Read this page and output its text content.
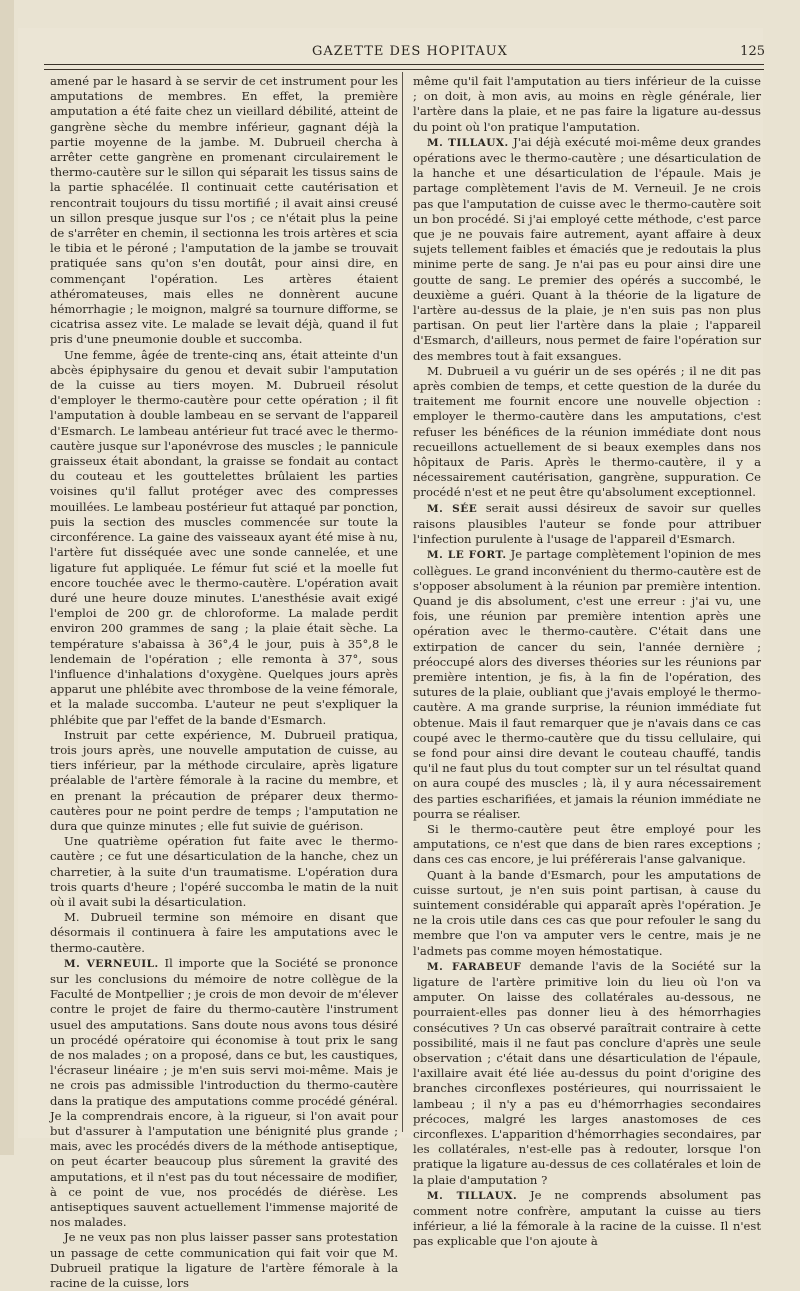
GAZETTE DES HOPITAUX	125

amené par le hasard à se servir de cet instrument pour les amputations de membres. En effet, la première amputation a été faite chez un vieillard débilité, atteint de gangrène sèche du membre inférieur, gagnant déjà la partie moyenne de la jambe. M. Dubrueil chercha à arrêter cette gangrène en promenant circulairement le thermo-cautère sur le sillon qui séparait les tissus sains de la partie sphacélée. Il continuait cette cautérisation et rencontrait toujours du tissu mortifié ; il avait ainsi creusé un sillon presque jusque sur l'os ; ce n'était plus la peine de s'arrêter en chemin, il sectionna les trois artères et scia le tibia et le péroné ; l'amputation de la jambe se trouvait pratiquée sans qu'on s'en doutât, pour ainsi dire, en commençant l'opération. Les artères étaient athéromateuses, mais elles ne donnèrent aucune hémorrhagie ; le moignon, malgré sa tournure difforme, se cicatrisa assez vite. Le malade se levait déjà, quand il fut pris d'une pneumonie double et succomba.

Une femme, âgée de trente-cinq ans, était atteinte d'un abcès épiphysaire du genou et devait subir l'amputation de la cuisse au tiers moyen. M. Dubrueil résolut d'employer le thermo-cautère pour cette opération ; il fit l'amputation à double lambeau en se servant de l'appareil d'Esmarch. Le lambeau antérieur fut tracé avec le thermo-cautère jusque sur l'aponévrose des muscles ; le pannicule graisseux était abondant, la graisse se fondait au contact du couteau et les gouttelettes brûlaient les parties voisines qu'il fallut protéger avec des compresses mouillées. Le lambeau postérieur fut attaqué par ponction, puis la section des muscles commencée sur toute la circonférence. La gaine des vaisseaux ayant été mise à nu, l'artère fut disséquée avec une sonde cannelée, et une ligature fut appliquée. Le fémur fut scié et la moelle fut encore touchée avec le thermo-cautère. L'opération avait duré une heure douze minutes. L'anesthésie avait exigé l'emploi de 200 gr. de chloroforme. La malade perdit environ 200 grammes de sang ; la plaie était sèche. La température s'abaissa à 36°,4 le jour, puis à 35°,8 le lendemain de l'opération ; elle remonta à 37°, sous l'influence d'inhalations d'oxygène. Quelques jours après apparut une phlébite avec thrombose de la veine fémorale, et la malade succomba. L'auteur ne peut s'expliquer la phlébite que par l'effet de la bande d'Esmarch.

Instruit par cette expérience, M. Dubrueil pratiqua, trois jours après, une nouvelle amputation de cuisse, au tiers inférieur, par la méthode circulaire, après ligature préalable de l'artère fémorale à la racine du membre, et en prenant la précaution de préparer deux thermo-cautères pour ne point perdre de temps ; l'amputation ne dura que quinze minutes ; elle fut suivie de guérison.

Une quatrième opération fut faite avec le thermo-cautère ; ce fut une désarticulation de la hanche, chez un charretier, à la suite d'un traumatisme. L'opération dura trois quarts d'heure ; l'opéré succomba le matin de la nuit où il avait subi la désarticulation.

M. Dubrueil termine son mémoire en disant que désormais il continuera à faire les amputations avec le thermo-cautère.

M. VERNEUIL. Il importe que la Société se prononce sur les conclusions du mémoire de notre collègue de la Faculté de Montpellier ; je crois de mon devoir de m'élever contre le projet de faire du thermo-cautère l'instrument usuel des amputations. Sans doute nous avons tous désiré un procédé opératoire qui économise à tout prix le sang de nos malades ; on a proposé, dans ce but, les caustiques, l'écraseur linéaire ; je m'en suis servi moi-même. Mais je ne crois pas admissible l'introduction du thermo-cautère dans la pratique des amputations comme procédé général. Je la comprendrais encore, à la rigueur, si l'on avait pour but d'assurer à l'amputation une bénignité plus grande ; mais, avec les procédés divers de la méthode antiseptique, on peut écarter beaucoup plus sûrement la gravité des amputations, et il n'est pas du tout nécessaire de modifier, à ce point de vue, nos procédés de diérèse. Les antiseptiques sauvent actuellement l'immense majorité de nos malades.

Je ne veux pas non plus laisser passer sans protestation un passage de cette communication qui fait voir que M. Dubrueil pratique la ligature de l'artère fémorale à la racine de la cuisse, lors

même qu'il fait l'amputation au tiers inférieur de la cuisse ; on doit, à mon avis, au moins en règle générale, lier l'artère dans la plaie, et ne pas faire la ligature au-dessus du point où l'on pratique l'amputation.

M. TILLAUX. J'ai déjà exécuté moi-même deux grandes opérations avec le thermo-cautère ; une désarticulation de la hanche et une désarticulation de l'épaule. Mais je partage complètement l'avis de M. Verneuil. Je ne crois pas que l'amputation de cuisse avec le thermo-cautère soit un bon procédé. Si j'ai employé cette méthode, c'est parce que je ne pouvais faire autrement, ayant affaire à deux sujets tellement faibles et émaciés que je redoutais la plus minime perte de sang. Je n'ai pas eu pour ainsi dire une goutte de sang. Le premier des opérés a succombé, le deuxième a guéri. Quant à la théorie de la ligature de l'artère au-dessus de la plaie, je n'en suis pas non plus partisan. On peut lier l'artère dans la plaie ; l'appareil d'Esmarch, d'ailleurs, nous permet de faire l'opération sur des membres tout à fait exsangues.

M. Dubrueil a vu guérir un de ses opérés ; il ne dit pas après combien de temps, et cette question de la durée du traitement me fournit encore une nouvelle objection : employer le thermo-cautère dans les amputations, c'est refuser les bénéfices de la réunion immédiate dont nous recueillons actuellement de si beaux exemples dans nos hôpitaux de Paris. Après le thermo-cautère, il y a nécessairement cautérisation, gangrène, suppuration. Ce procédé n'est et ne peut être qu'absolument exceptionnel.

M. SÉE serait aussi désireux de savoir sur quelles raisons plausibles l'auteur se fonde pour attribuer l'infection purulente à l'usage de l'appareil d'Esmarch.

M. LE FORT. Je partage complètement l'opinion de mes collègues. Le grand inconvénient du thermo-cautère est de s'opposer absolument à la réunion par première intention. Quand je dis absolument, c'est une erreur : j'ai vu, une fois, une réunion par première intention après une opération avec le thermo-cautère. C'était dans une extirpation de cancer du sein, l'année dernière ; préoccupé alors des diverses théories sur les réunions par première intention, je fis, à la fin de l'opération, des sutures de la plaie, oubliant que j'avais employé le thermo-cautère. A ma grande surprise, la réunion immédiate fut obtenue. Mais il faut remarquer que je n'avais dans ce cas coupé avec le thermo-cautère que du tissu cellulaire, qui se fond pour ainsi dire devant le couteau chauffé, tandis qu'il ne faut plus du tout compter sur un tel résultat quand on aura coupé des muscles ; là, il y aura nécessairement des parties escharifiées, et jamais la réunion immédiate ne pourra se réaliser.

Si le thermo-cautère peut être employé pour les amputations, ce n'est que dans de bien rares exceptions ; dans ces cas encore, je lui préférerais l'anse galvanique.

Quant à la bande d'Esmarch, pour les amputations de cuisse surtout, je n'en suis point partisan, à cause du suintement considérable qui apparaît après l'opération. Je ne la crois utile dans ces cas que pour refouler le sang du membre que l'on va amputer vers le centre, mais je ne l'admets pas comme moyen hémostatique.

M. FARABEUF demande l'avis de la Société sur la ligature de l'artère primitive loin du lieu où l'on va amputer. On laisse des collatérales au-dessous, ne pourraient-elles pas donner lieu à des hémorrhagies consécutives ? Un cas observé paraîtrait contraire à cette possibilité, mais il ne faut pas conclure d'après une seule observation ; c'était dans une désarticulation de l'épaule, l'axillaire avait été liée au-dessus du point d'origine des branches circonflexes postérieures, qui nourrissaient le lambeau ; il n'y a pas eu d'hémorrhagies secondaires précoces, malgré les larges anastomoses de ces circonflexes. L'apparition d'hémorrhagies secondaires, par les collatérales, n'est-elle pas à redouter, lorsque l'on pratique la ligature au-dessus de ces collatérales et loin de la plaie d'amputation ?

M. TILLAUX. Je ne comprends absolument pas comment notre confrère, amputant la cuisse au tiers inférieur, a lié la fémorale à la racine de la cuisse. Il n'est pas explicable que l'on ajoute à
